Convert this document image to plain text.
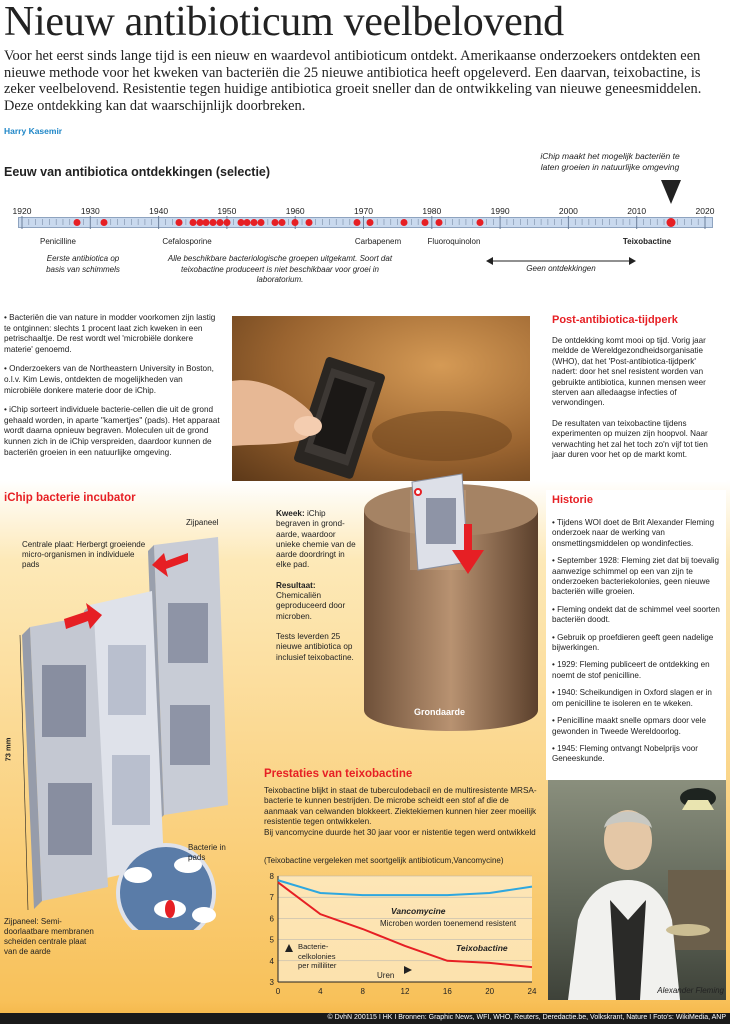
Nieuw antibioticum veelbelovend
Voor het eerst sinds lange tijd is een nieuw en waardevol antibioticum ontdekt. Amerikaanse onderzoekers ontdekten een nieuwe methode voor het kweken van bacteriën die 25 nieuwe antibiotica heeft opgeleverd. Een daarvan, teixobactine, is zeker veelbelovend. Resistentie tegen huidige antibiotica groeit sneller dan de ontwikkeling van nieuwe geneesmiddelen. Deze ontdekking kan dat waarschijnlijk doorbreken.
Harry Kasemir
Eeuw van antibiotica ontdekkingen (selectie)
iChip maakt het mogelijk bacteriën te laten groeien in natuurlijke omgeving
1920	1930	1940	1950	1960	1970	1980	1990	2000	2010	2020
Penicilline	Cefalosporine	Carbapenem	Fluoroquinolon	Teixobactine
Eerste antibiotica op basis van schimmels
Alle beschikbare bacteriologische groepen uitgekamt. Soort dat teixobactine produceert is niet beschikbaar voor groei in laboratorium.
Geen ontdekkingen
• Bacteriën die van nature in modder voorkomen zijn lastig te ontginnen: slechts 1 procent laat zich kweken in een petrischaaltje. De rest wordt wel 'microbiële donkere materie' genoemd.
• Onderzoekers van de Northeastern University in Boston, o.l.v. Kim Lewis, ontdekten de mogelijkheden van microbiële donkere materie door de iChip.
• iChip sorteert individuele bacterie-cellen die uit de grond gehaald worden, in aparte "kamertjes" (pads). Het apparaat wordt daarna opnieuw begraven. Moleculen uit de grond kunnen zich in de iChip verspreiden, daardoor kunnen de bacteriën groeien in een natuurlijke omgeving.
Post-antibiotica-tijdperk
De ontdekking komt mooi op tijd. Vorig jaar meldde de Wereldgezondheidsorganisatie (WHO), dat het 'Post-antibiotica-tijdperk' nadert: door het snel resistent worden van gebruikte antibiotica, kunnen mensen weer sterven aan alledaagse infecties of verwondingen.
De resultaten van teixobactine tijdens experimenten op muizen zijn hoopvol. Naar verwachting het zal het toch zo'n vijf tot tien jaar duren voor het op de markt komt.
Historie
• Tijdens WOI doet de Brit Alexander Fleming onderzoek naar de werking van onsmettingsmiddelen op wondinfecties.
• September 1928: Fleming ziet dat bij toevalig aanwezige schimmel op een van zijn te onderzoeken bacteriekolonies, geen nieuwe bacteriën wille groeien.
• Fleming ondekt dat de schimmel veel soorten bacteriën doodt.
• Gebruik op proefdieren geeft geen nadelige bijwerkingen.
• 1929: Fleming publiceert de ontdekking en noemt de stof penicilline.
• 1940: Scheikundigen in Oxford slagen er in om penicilline te isoleren en te wkeken.
• Penicilline maakt snelle opmars door vele gewonden in Tweede Wereldoorlog.
• 1945: Fleming ontvangt Nobelprijs voor Geneeskunde.
Alexander Fleming
iChip bacterie incubator
Zijpaneel
Centrale plaat: Herbergt groeiende micro-organismen in individuele pads
73 mm
Bacterie in pads
Zijpaneel: Semi-doorlaatbare membranen scheiden centrale plaat van de aarde
Kweek: iChip begraven in grond-aarde, waardoor unieke chemie van de aarde doordringt in elke pad.
Resultaat:
Chemicaliën geproduceerd door microben.
Tests leverden 25 nieuwe antibiotica op inclusief teixobactine.
Grondaarde
Prestaties van teixobactine
Teixobactine blijkt in staat de tuberculodebacil en de multiresistente MRSA-bacterie te kunnen bestrijden. De microbe scheidt een stof af die de aanmaak van celwanden blokkeert. Ziektekiemen kunnen hier zeer moeilijk resistentie tegen ontwikkelen.
Bij vancomycine duurde het 30 jaar voor er nistentie tegen werd ontwikkeld
(Teixobactine vergeleken met soortgelijk antibioticum,Vancomycine)
3
4
5
6
7
8
0	4	8	12	16	20	24
Vancomycine
Microben worden toenemend resistent
Teixobactine
Bacterie-celkolonies per milliliter
Uren
© DvhN 200115 I HK I Bronnen: Graphic News, WFI, WHO, Reuters, Deredactie.be, Volkskrant, Nature I Foto's: WikiMedia, ANP
